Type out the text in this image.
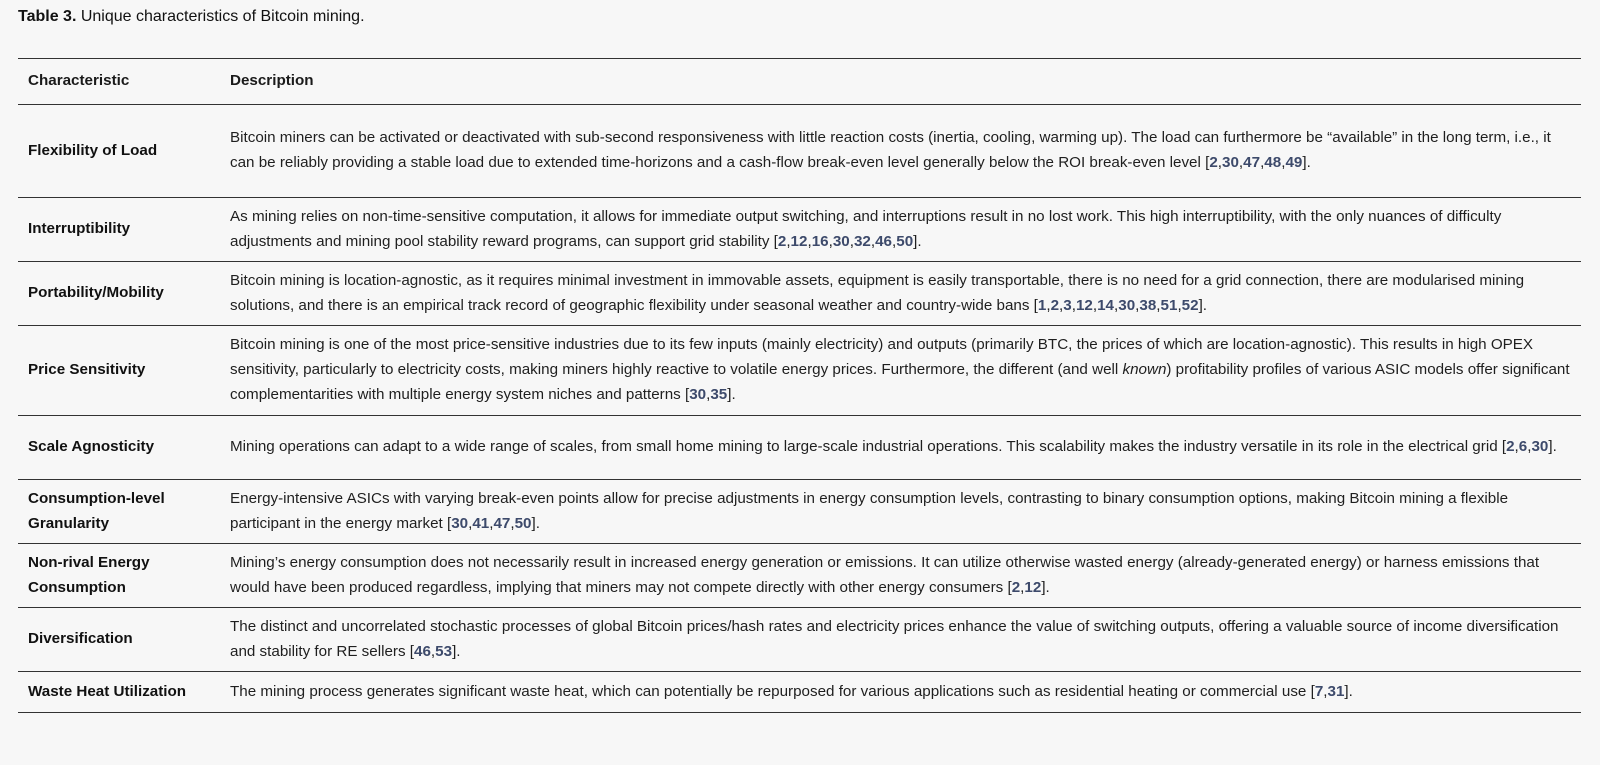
Table 3. Unique characteristics of Bitcoin mining.
Characteristic	Description
Flexibility of Load	Bitcoin miners can be activated or deactivated with sub-second responsiveness with little reaction costs (inertia, cooling, warming up). The load can furthermore be “available” in the long term, i.e., it can be reliably providing a stable load due to extended time-horizons and a cash-flow break-even level generally below the ROI break-even level [2,30,47,48,49].
Interruptibility	As mining relies on non-time-sensitive computation, it allows for immediate output switching, and interruptions result in no lost work. This high interruptibility, with the only nuances of difficulty adjustments and mining pool stability reward programs, can support grid stability [2,12,16,30,32,46,50].
Portability/Mobility	Bitcoin mining is location-agnostic, as it requires minimal investment in immovable assets, equipment is easily transportable, there is no need for a grid connection, there are modularised mining solutions, and there is an empirical track record of geographic flexibility under seasonal weather and country-wide bans [1,2,3,12,14,30,38,51,52].
Price Sensitivity	Bitcoin mining is one of the most price-sensitive industries due to its few inputs (mainly electricity) and outputs (primarily BTC, the prices of which are location-agnostic). This results in high OPEX sensitivity, particularly to electricity costs, making miners highly reactive to volatile energy prices. Furthermore, the different (and well known) profitability profiles of various ASIC models offer significant complementarities with multiple energy system niches and patterns [30,35].
Scale Agnosticity	Mining operations can adapt to a wide range of scales, from small home mining to large-scale industrial operations. This scalability makes the industry versatile in its role in the electrical grid [2,6,30].
Consumption-level Granularity	Energy-intensive ASICs with varying break-even points allow for precise adjustments in energy consumption levels, contrasting to binary consumption options, making Bitcoin mining a flexible participant in the energy market [30,41,47,50].
Non-rival Energy Consumption	Mining’s energy consumption does not necessarily result in increased energy generation or emissions. It can utilize otherwise wasted energy (already-generated energy) or harness emissions that would have been produced regardless, implying that miners may not compete directly with other energy consumers [2,12].
Diversification	The distinct and uncorrelated stochastic processes of global Bitcoin prices/hash rates and electricity prices enhance the value of switching outputs, offering a valuable source of income diversification and stability for RE sellers [46,53].
Waste Heat Utilization	The mining process generates significant waste heat, which can potentially be repurposed for various applications such as residential heating or commercial use [7,31].
